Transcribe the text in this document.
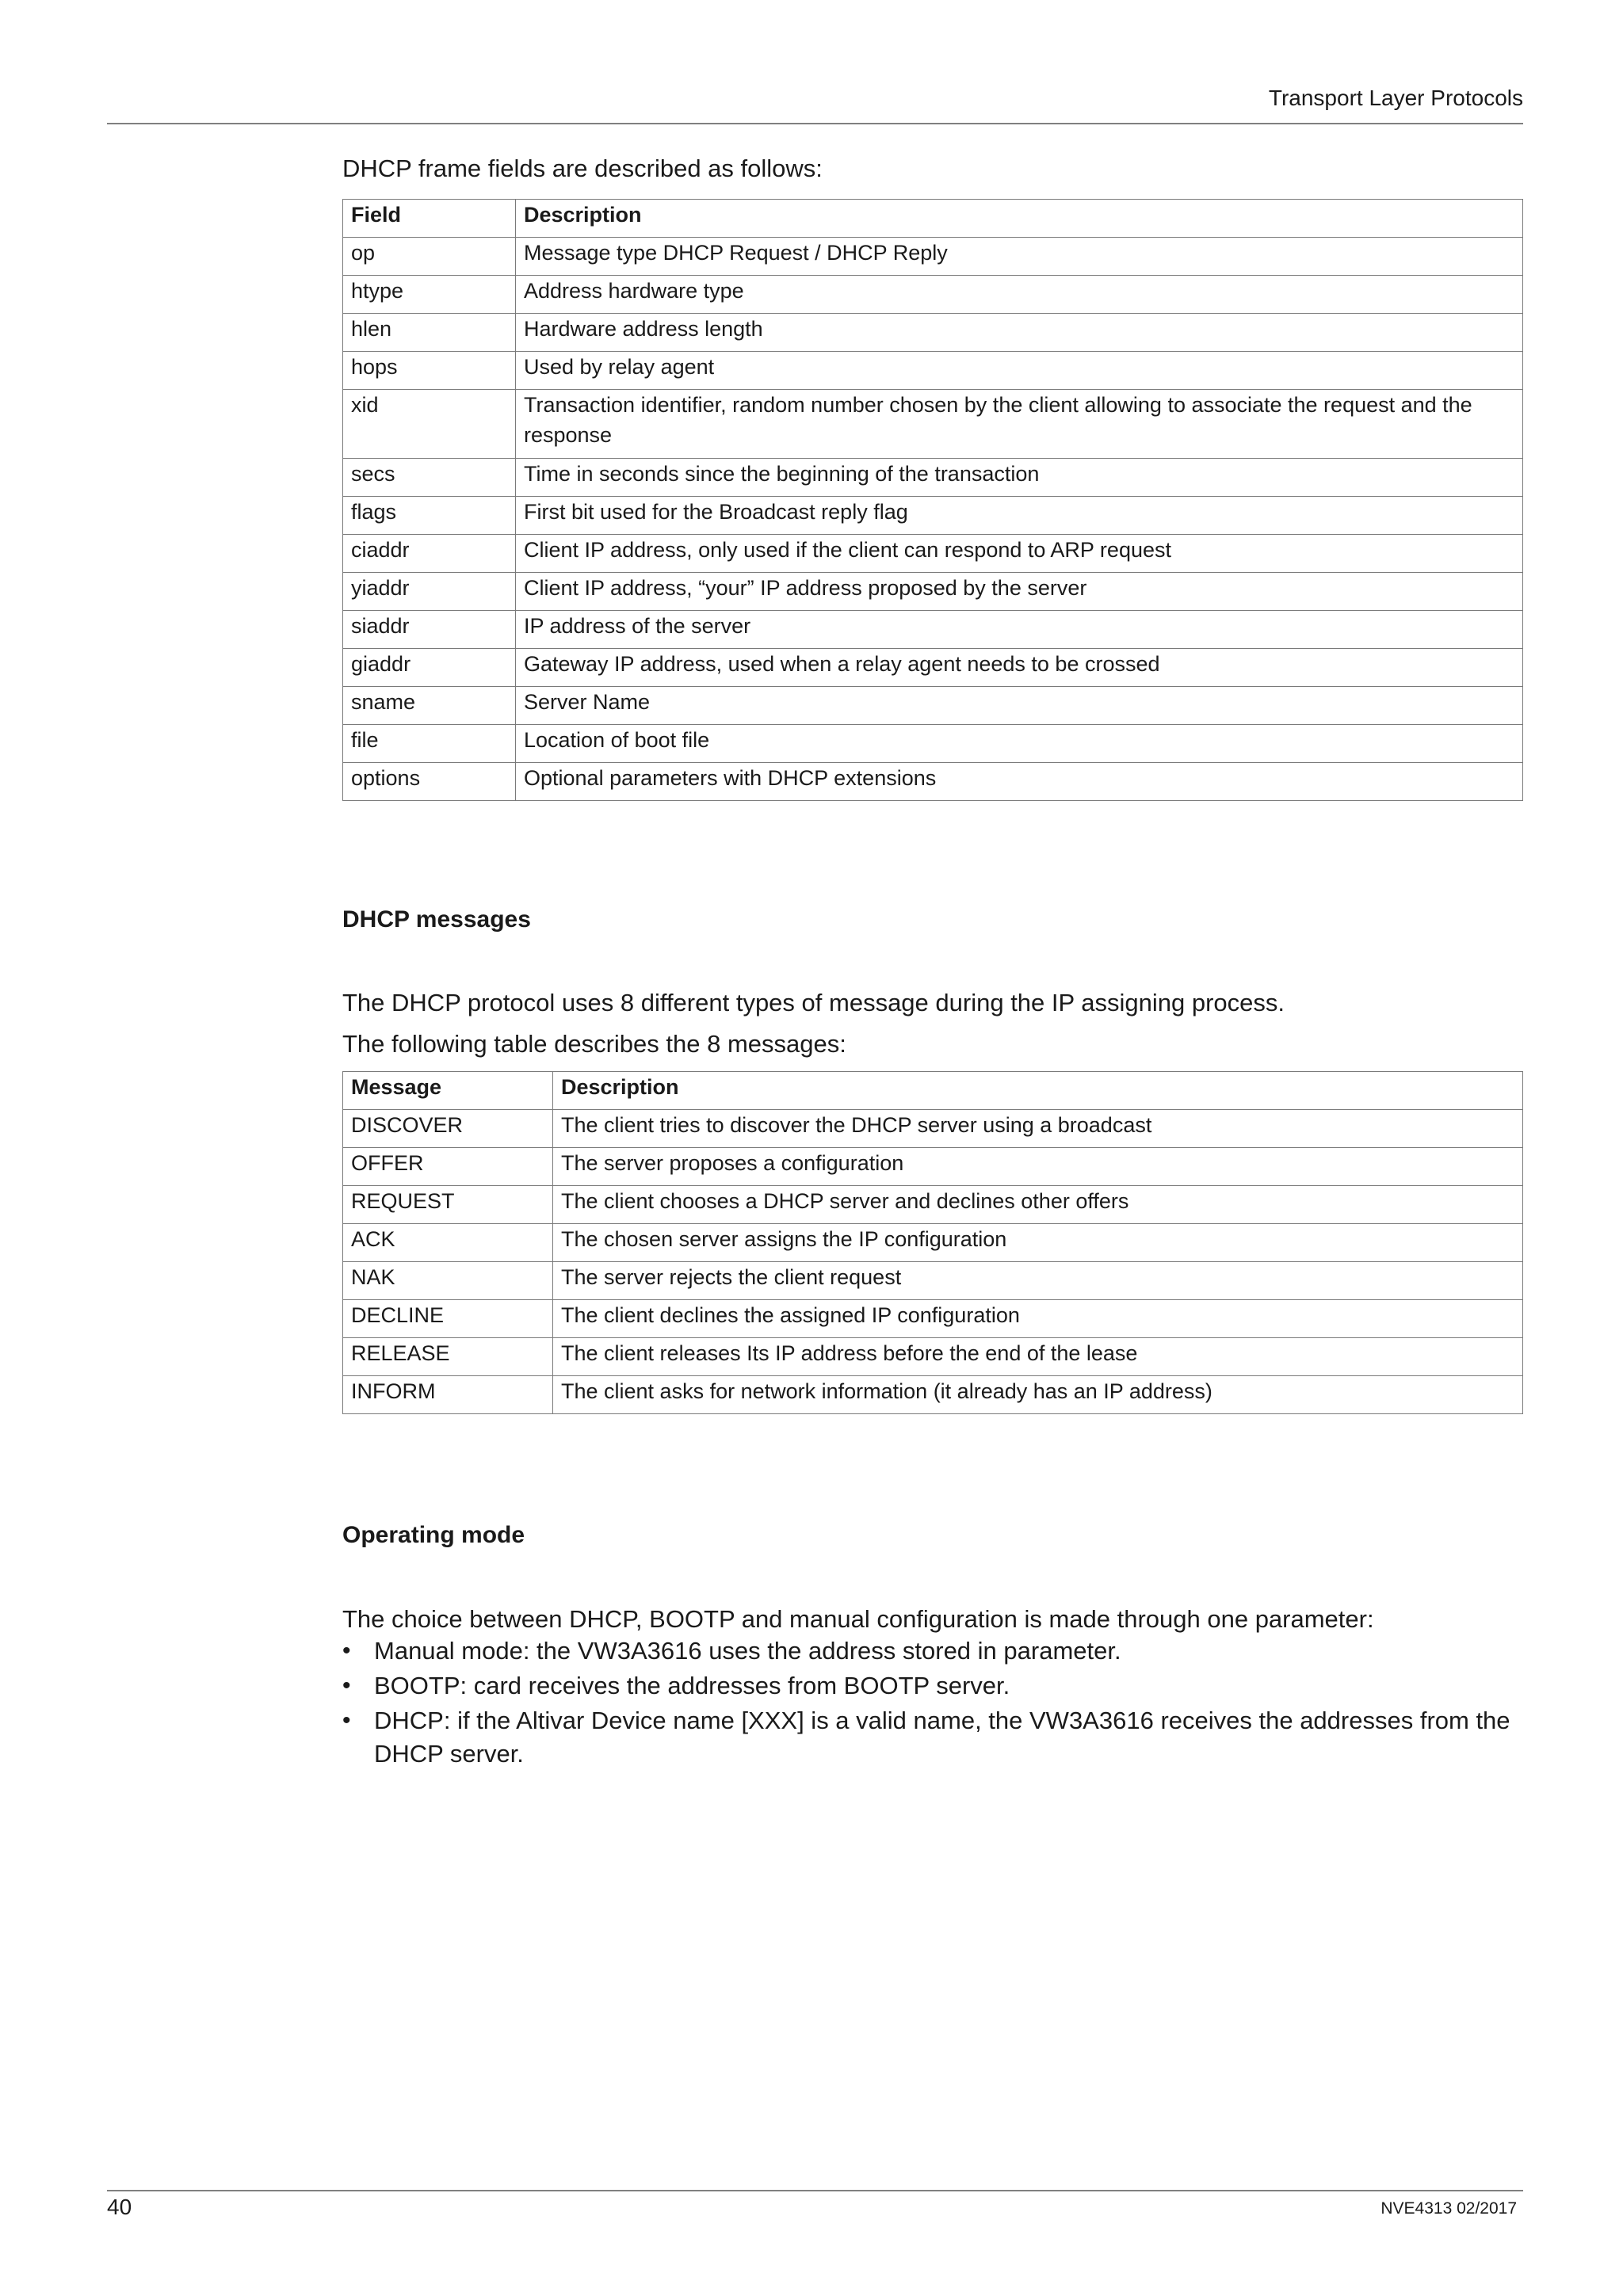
Transport Layer Protocols
DHCP frame fields are described as follows:
Field	Description
op	Message type DHCP Request / DHCP Reply
htype	Address hardware type
hlen	Hardware address length
hops	Used by relay agent
xid	Transaction identifier, random number chosen by the client allowing to associate the request and the response
secs	Time in seconds since the beginning of the transaction
flags	First bit used for the Broadcast reply flag
ciaddr	Client IP address, only used if the client can respond to ARP request
yiaddr	Client IP address, “your” IP address proposed by the server
siaddr	IP address of the server
giaddr	Gateway IP address, used when a relay agent needs to be crossed
sname	Server Name
file	Location of boot file
options	Optional parameters with DHCP extensions
DHCP messages
The DHCP protocol uses 8 different types of message during the IP assigning process.
The following table describes the 8 messages:
Message	Description
DISCOVER	The client tries to discover the DHCP server using a broadcast
OFFER	The server proposes a configuration
REQUEST	The client chooses a DHCP server and declines other offers
ACK	The chosen server assigns the IP configuration
NAK	The server rejects the client request
DECLINE	The client declines the assigned IP configuration
RELEASE	The client releases Its IP address before the end of the lease
INFORM	The client asks for network information (it already has an IP address)
Operating mode
The choice between DHCP, BOOTP and manual configuration is made through one parameter:
• Manual mode: the VW3A3616 uses the address stored in parameter.
• BOOTP: card receives the addresses from BOOTP server.
• DHCP: if the Altivar Device name [XXX] is a valid name, the VW3A3616 receives the addresses from the DHCP server.
40	NVE4313 02/2017
